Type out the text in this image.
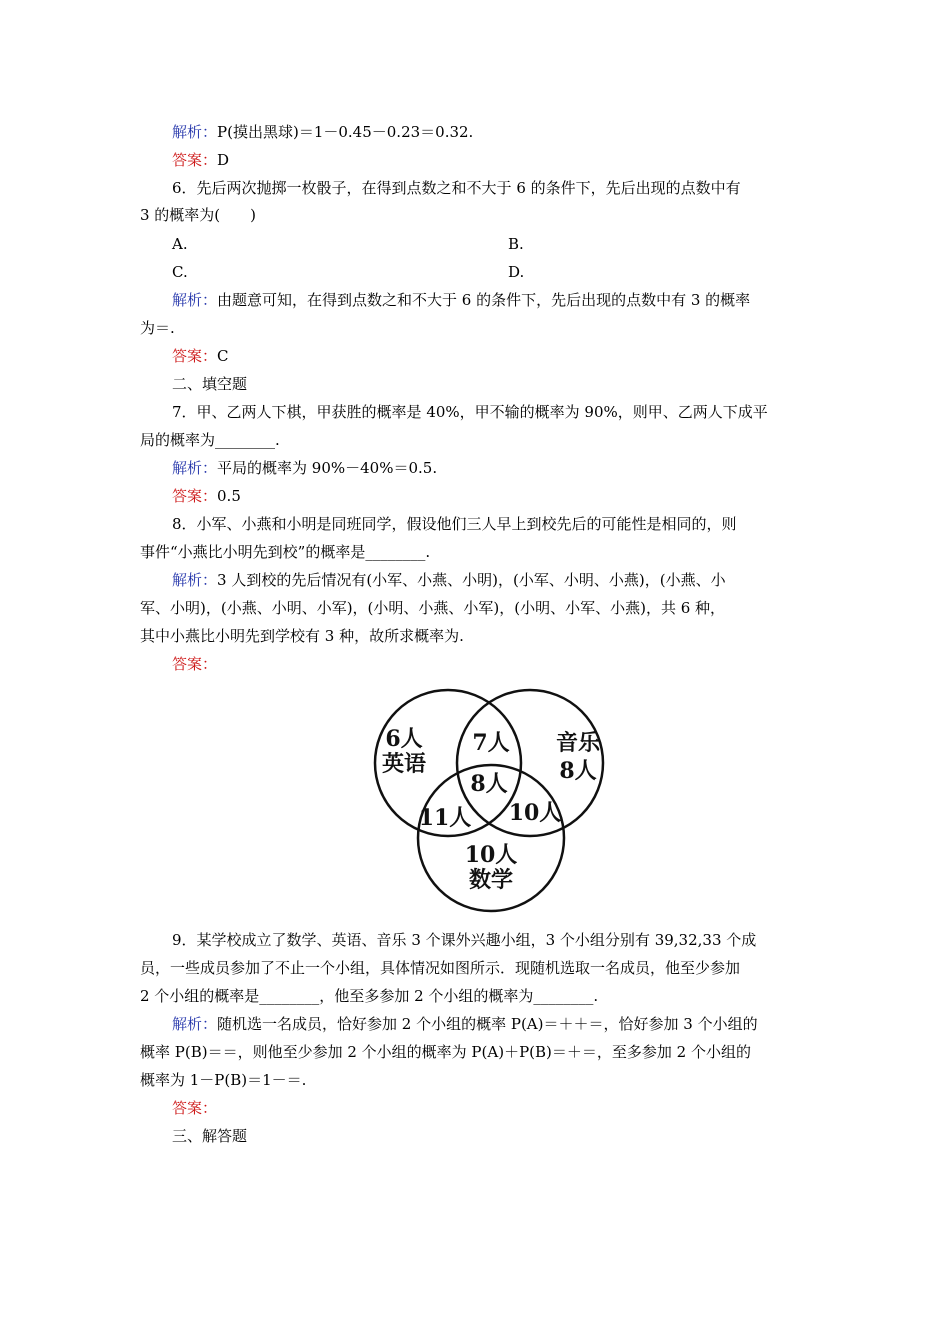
解析：P(摸出黑球)＝1－0.45－0.23＝0.32.
答案：D
6．先后两次抛掷一枚骰子，在得到点数之和不大于 6 的条件下，先后出现的点数中有
3 的概率为(　　)
A.	B.
C.	D.
解析：由题意可知，在得到点数之和不大于 6 的条件下，先后出现的点数中有 3 的概率
为＝.
答案：C
二、填空题
7．甲、乙两人下棋，甲获胜的概率是 40%，甲不输的概率为 90%，则甲、乙两人下成平
局的概率为________.
解析：平局的概率为 90%－40%＝0.5.
答案：0.5
8．小军、小燕和小明是同班同学，假设他们三人早上到校先后的可能性是相同的，则
事件“小燕比小明先到校”的概率是________.
解析：3 人到校的先后情况有(小军、小燕、小明)，(小军、小明、小燕)，(小燕、小
军、小明)，(小燕、小明、小军)，(小明、小燕、小军)，(小明、小军、小燕)，共 6 种，
其中小燕比小明先到学校有 3 种，故所求概率为.
答案：
6人
英语
7人 音乐
8人
8人
11人 10人
10人
数学
9．某学校成立了数学、英语、音乐 3 个课外兴趣小组，3 个小组分别有 39,32,33 个成
员，一些成员参加了不止一个小组，具体情况如图所示．现随机选取一名成员，他至少参加
2 个小组的概率是________，他至多参加 2 个小组的概率为________.
解析：随机选一名成员，恰好参加 2 个小组的概率 P(A)＝＋＋＝，恰好参加 3 个小组的
概率 P(B)＝＝，则他至少参加 2 个小组的概率为 P(A)＋P(B)＝＋＝，至多参加 2 个小组的
概率为 1－P(B)＝1－＝.
答案：
三、解答题
